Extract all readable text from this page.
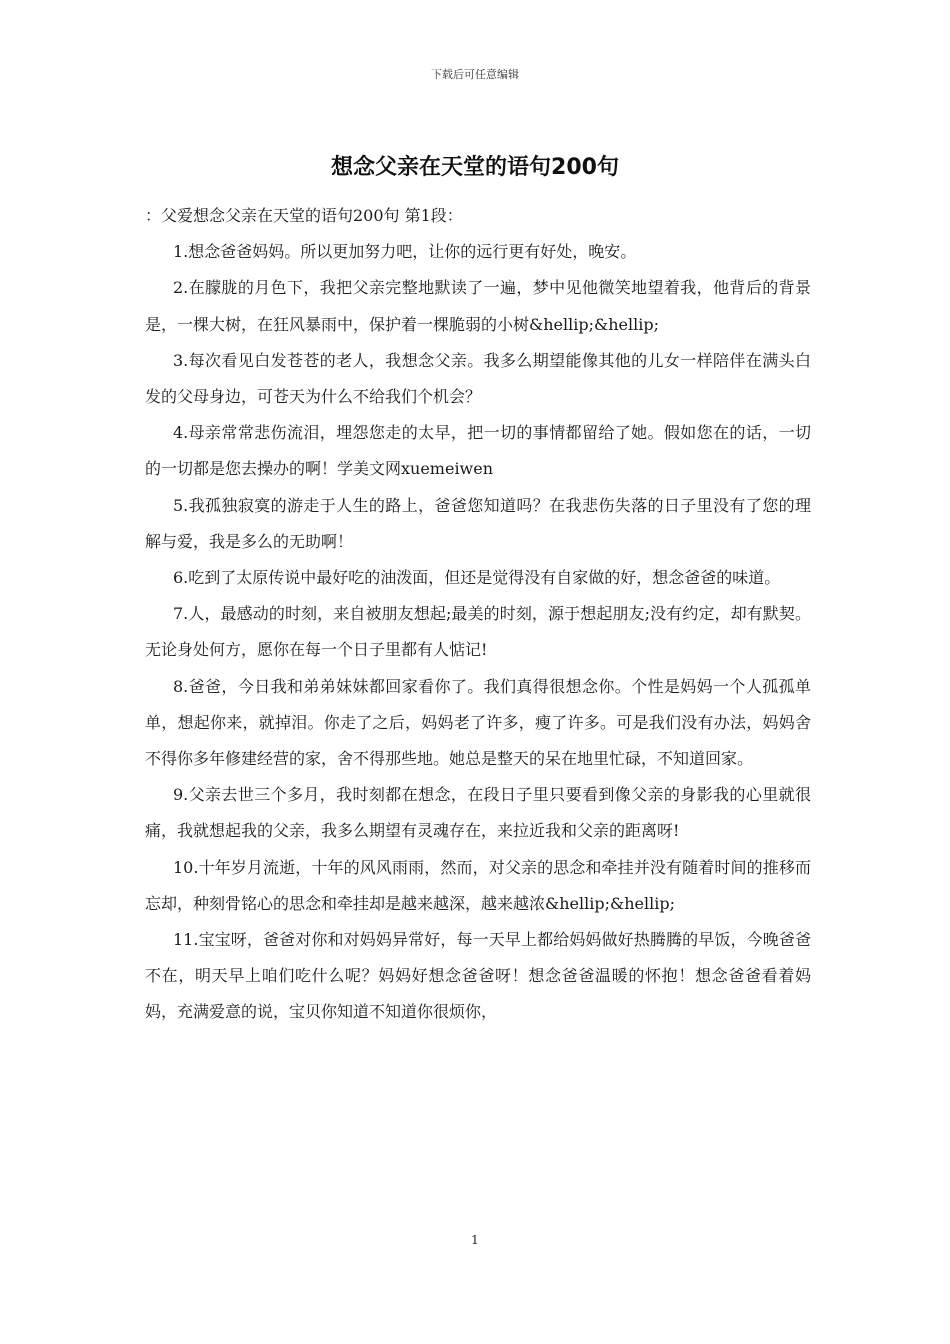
下载后可任意编辑
想念父亲在天堂的语句200句

：父爱想念父亲在天堂的语句200句 第1段：

1.想念爸爸妈妈。所以更加努力吧，让你的远行更有好处，晚安。

2.在朦胧的月色下，我把父亲完整地默读了一遍，梦中见他微笑地望着我，他背后的背景是，一棵大树，在狂风暴雨中，保护着一棵脆弱的小树&hellip;&hellip;

3.每次看见白发苍苍的老人，我想念父亲。我多么期望能像其他的儿女一样陪伴在满头白发的父母身边，可苍天为什么不给我们个机会？

4.母亲常常悲伤流泪，埋怨您走的太早，把一切的事情都留给了她。假如您在的话，一切的一切都是您去操办的啊！学美文网xuemeiwen

5.我孤独寂寞的游走于人生的路上，爸爸您知道吗？在我悲伤失落的日子里没有了您的理解与爱，我是多么的无助啊！

6.吃到了太原传说中最好吃的油泼面，但还是觉得没有自家做的好，想念爸爸的味道。

7.人，最感动的时刻，来自被朋友想起;最美的时刻，源于想起朋友;没有约定，却有默契。无论身处何方，愿你在每一个日子里都有人惦记!

8.爸爸，今日我和弟弟妹妹都回家看你了。我们真得很想念你。个性是妈妈一个人孤孤单单，想起你来，就掉泪。你走了之后，妈妈老了许多，瘦了许多。可是我们没有办法，妈妈舍不得你多年修建经营的家，舍不得那些地。她总是整天的呆在地里忙碌，不知道回家。

9.父亲去世三个多月，我时刻都在想念，在段日子里只要看到像父亲的身影我的心里就很痛，我就想起我的父亲，我多么期望有灵魂存在，来拉近我和父亲的距离呀!

10.十年岁月流逝，十年的风风雨雨，然而，对父亲的思念和牵挂并没有随着时间的推移而忘却，种刻骨铭心的思念和牵挂却是越来越深，越来越浓&hellip;&hellip;

11.宝宝呀，爸爸对你和对妈妈异常好，每一天早上都给妈妈做好热腾腾的早饭，今晚爸爸不在，明天早上咱们吃什么呢？妈妈好想念爸爸呀！想念爸爸温暖的怀抱！想念爸爸看着妈妈，充满爱意的说，宝贝你知道不知道你很烦你，

1
